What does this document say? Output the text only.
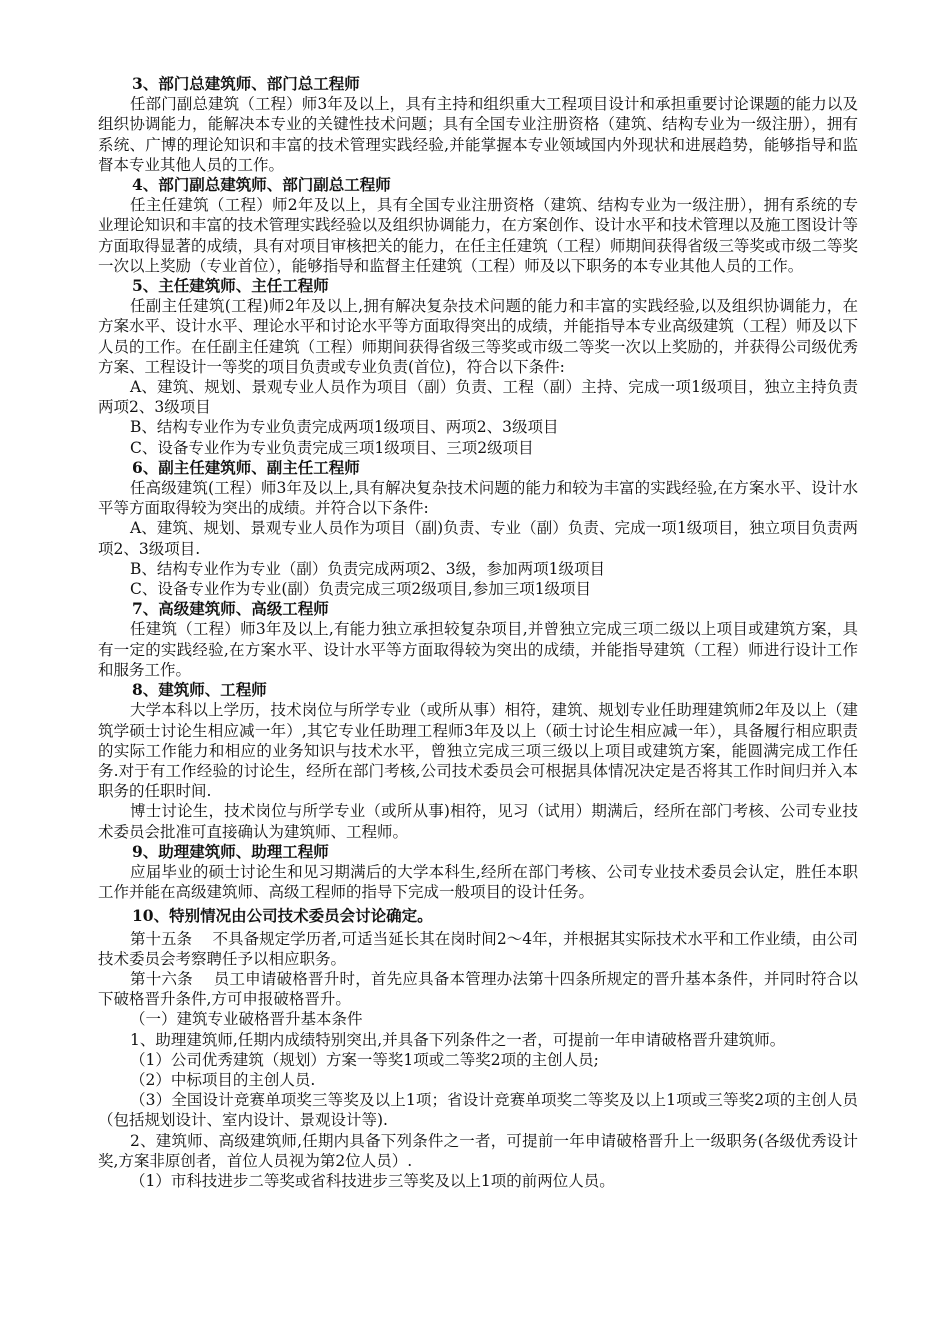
3、部门总建筑师、部门总工程师

任部门副总建筑（工程）师3年及以上，具有主持和组织重大工程项目设计和承担重要讨论课题的能力以及组织协调能力，能解决本专业的关键性技术问题；具有全国专业注册资格（建筑、结构专业为一级注册），拥有系统、广博的理论知识和丰富的技术管理实践经验,并能掌握本专业领域国内外现状和进展趋势，能够指导和监督本专业其他人员的工作。

4、部门副总建筑师、部门副总工程师

任主任建筑（工程）师2年及以上，具有全国专业注册资格（建筑、结构专业为一级注册），拥有系统的专业理论知识和丰富的技术管理实践经验以及组织协调能力，在方案创作、设计水平和技术管理以及施工图设计等方面取得显著的成绩，具有对项目审核把关的能力，在任主任建筑（工程）师期间获得省级三等奖或市级二等奖一次以上奖励（专业首位），能够指导和监督主任建筑（工程）师及以下职务的本专业其他人员的工作。

5、主任建筑师、主任工程师

任副主任建筑(工程)师2年及以上,拥有解决复杂技术问题的能力和丰富的实践经验,以及组织协调能力，在方案水平、设计水平、理论水平和讨论水平等方面取得突出的成绩，并能指导本专业高级建筑（工程）师及以下人员的工作。在任副主任建筑（工程）师期间获得省级三等奖或市级二等奖一次以上奖励的，并获得公司级优秀方案、工程设计一等奖的项目负责或专业负责(首位)，符合以下条件:

A、建筑、规划、景观专业人员作为项目（副）负责、工程（副）主持、完成一项1级项目，独立主持负责两项2、3级项目

B、结构专业作为专业负责完成两项1级项目、两项2、3级项目

C、设备专业作为专业负责完成三项1级项目、三项2级项目

6、副主任建筑师、副主任工程师

任高级建筑(工程）师3年及以上,具有解决复杂技术问题的能力和较为丰富的实践经验,在方案水平、设计水平等方面取得较为突出的成绩。并符合以下条件:

A、建筑、规划、景观专业人员作为项目（副)负责、专业（副）负责、完成一项1级项目，独立项目负责两项2、3级项目.

B、结构专业作为专业（副）负责完成两项2、3级，参加两项1级项目

C、设备专业作为专业(副）负责完成三项2级项目,参加三项1级项目

7、高级建筑师、高级工程师

任建筑（工程）师3年及以上,有能力独立承担较复杂项目,并曾独立完成三项二级以上项目或建筑方案，具有一定的实践经验,在方案水平、设计水平等方面取得较为突出的成绩，并能指导建筑（工程）师进行设计工作和服务工作。

8、建筑师、工程师

大学本科以上学历，技术岗位与所学专业（或所从事）相符，建筑、规划专业任助理建筑师2年及以上（建筑学硕士讨论生相应减一年）,其它专业任助理工程师3年及以上（硕士讨论生相应减一年），具备履行相应职责的实际工作能力和相应的业务知识与技术水平，曾独立完成三项三级以上项目或建筑方案，能圆满完成工作任务.对于有工作经验的讨论生，经所在部门考核,公司技术委员会可根据具体情况决定是否将其工作时间归并入本职务的任职时间.

博士讨论生，技术岗位与所学专业（或所从事)相符，见习（试用）期满后，经所在部门考核、公司专业技术委员会批准可直接确认为建筑师、工程师。

9、助理建筑师、助理工程师

应届毕业的硕士讨论生和见习期满后的大学本科生,经所在部门考核、公司专业技术委员会认定，胜任本职工作并能在高级建筑师、高级工程师的指导下完成一般项目的设计任务。

10、特别情况由公司技术委员会讨论确定。

第十五条　 不具备规定学历者,可适当延长其在岗时间2～4年，并根据其实际技术水平和工作业绩，由公司技术委员会考察聘任予以相应职务。

第十六条　 员工申请破格晋升时，首先应具备本管理办法第十四条所规定的晋升基本条件，并同时符合以下破格晋升条件,方可申报破格晋升。

（一）建筑专业破格晋升基本条件

1、助理建筑师,任期内成绩特别突出,并具备下列条件之一者，可提前一年申请破格晋升建筑师。

（1）公司优秀建筑（规划）方案一等奖1项或二等奖2项的主创人员;

（2）中标项目的主创人员.

（3）全国设计竞赛单项奖三等奖及以上1项；省设计竞赛单项奖二等奖及以上1项或三等奖2项的主创人员（包括规划设计、室内设计、景观设计等).

2、建筑师、高级建筑师,任期内具备下列条件之一者，可提前一年申请破格晋升上一级职务(各级优秀设计奖,方案非原创者，首位人员视为第2位人员）.

（1）市科技进步二等奖或省科技进步三等奖及以上1项的前两位人员。
